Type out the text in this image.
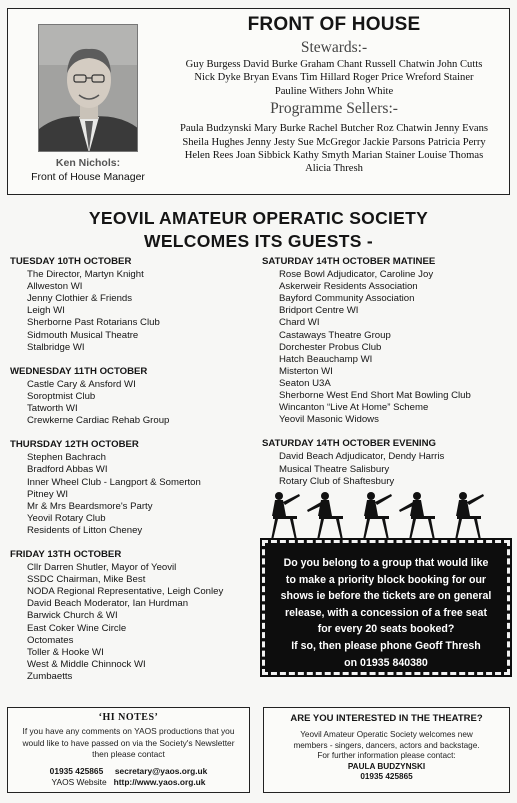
Ken Nichols:
Front of House Manager
FRONT OF HOUSE
Stewards:-
Guy Burgess David Burke Graham Chant Russell Chatwin John Cutts
Nick Dyke Bryan Evans Tim Hillard Roger Price Wreford Stainer
Pauline Withers John White
Programme Sellers:-
Paula Budzynski Mary Burke Rachel Butcher Roz Chatwin Jenny Evans
Sheila Hughes Jenny Jesty Sue McGregor Jackie Parsons Patricia Perry
Helen Rees Joan Sibbick Kathy Smyth Marian Stainer Louise Thomas
Alicia Thresh
YEOVIL AMATEUR OPERATIC SOCIETY
WELCOMES ITS GUESTS -
TUESDAY 10TH OCTOBER
The Director, Martyn Knight
Allweston WI
Jenny Clothier & Friends
Leigh WI
Sherborne Past Rotarians Club
Sidmouth Musical Theatre
Stalbridge WI
WEDNESDAY 11TH OCTOBER
Castle Cary & Ansford WI
Soroptmist Club
Tatworth WI
Crewkerne Cardiac Rehab Group
THURSDAY 12TH OCTOBER
Stephen Bachrach
Bradford Abbas WI
Inner Wheel Club - Langport & Somerton
Pitney WI
Mr & Mrs Beardsmore's Party
Yeovil Rotary Club
Residents of Litton Cheney
FRIDAY 13TH OCTOBER
Cllr Darren Shutler, Mayor of Yeovil
SSDC Chairman, Mike Best
NODA Regional Representative, Leigh Conley
David Beach Moderator, Ian Hurdman
Barwick Church & WI
East Coker Wine Circle
Octomates
Toller & Hooke WI
West & Middle Chinnock WI
Zumbaetts
SATURDAY 14TH OCTOBER MATINEE
Rose Bowl Adjudicator, Caroline Joy
Askerweir Residents Association
Bayford Community Association
Bridport Centre WI
Chard WI
Castaways Theatre Group
Dorchester Probus Club
Hatch Beauchamp WI
Misterton WI
Seaton U3A
Sherborne West End Short Mat Bowling Club
Wincanton “Live At Home” Scheme
Yeovil Masonic Widows
SATURDAY 14TH OCTOBER EVENING
David Beach Adjudicator, Dendy Harris
Musical Theatre Salisbury
Rotary Club of Shaftesbury
Do you belong to a group that would like
to make a priority block booking for our
shows ie before the tickets are on general
release, with a concession of a free seat
for every 20 seats booked?
If so, then please phone Geoff Thresh
on 01935 840380
‘HI NOTES’
If you have any comments on YAOS productions that you
would like to have passed on via the Society's Newsletter
then please contact
01935 425865 secretary@yaos.org.uk
YAOS Website http://www.yaos.org.uk
ARE YOU INTERESTED IN THE THEATRE?
Yeovil Amateur Operatic Society welcomes new
members - singers, dancers, actors and backstage.
For further information please contact:
PAULA BUDZYNSKI
01935 425865
